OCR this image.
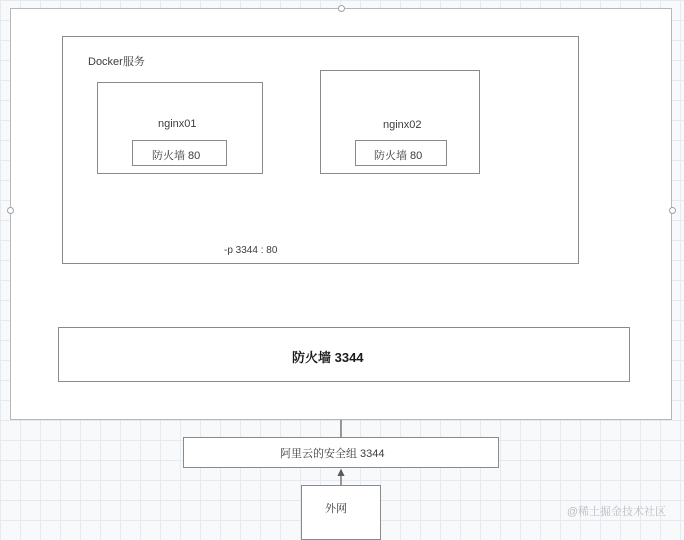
Docker服务
nginx01
防火墙 80
nginx02
防火墙 80
-p 3344 : 80
防火墙 3344
阿里云的安全组 3344
外网	@稀土掘金技术社区
